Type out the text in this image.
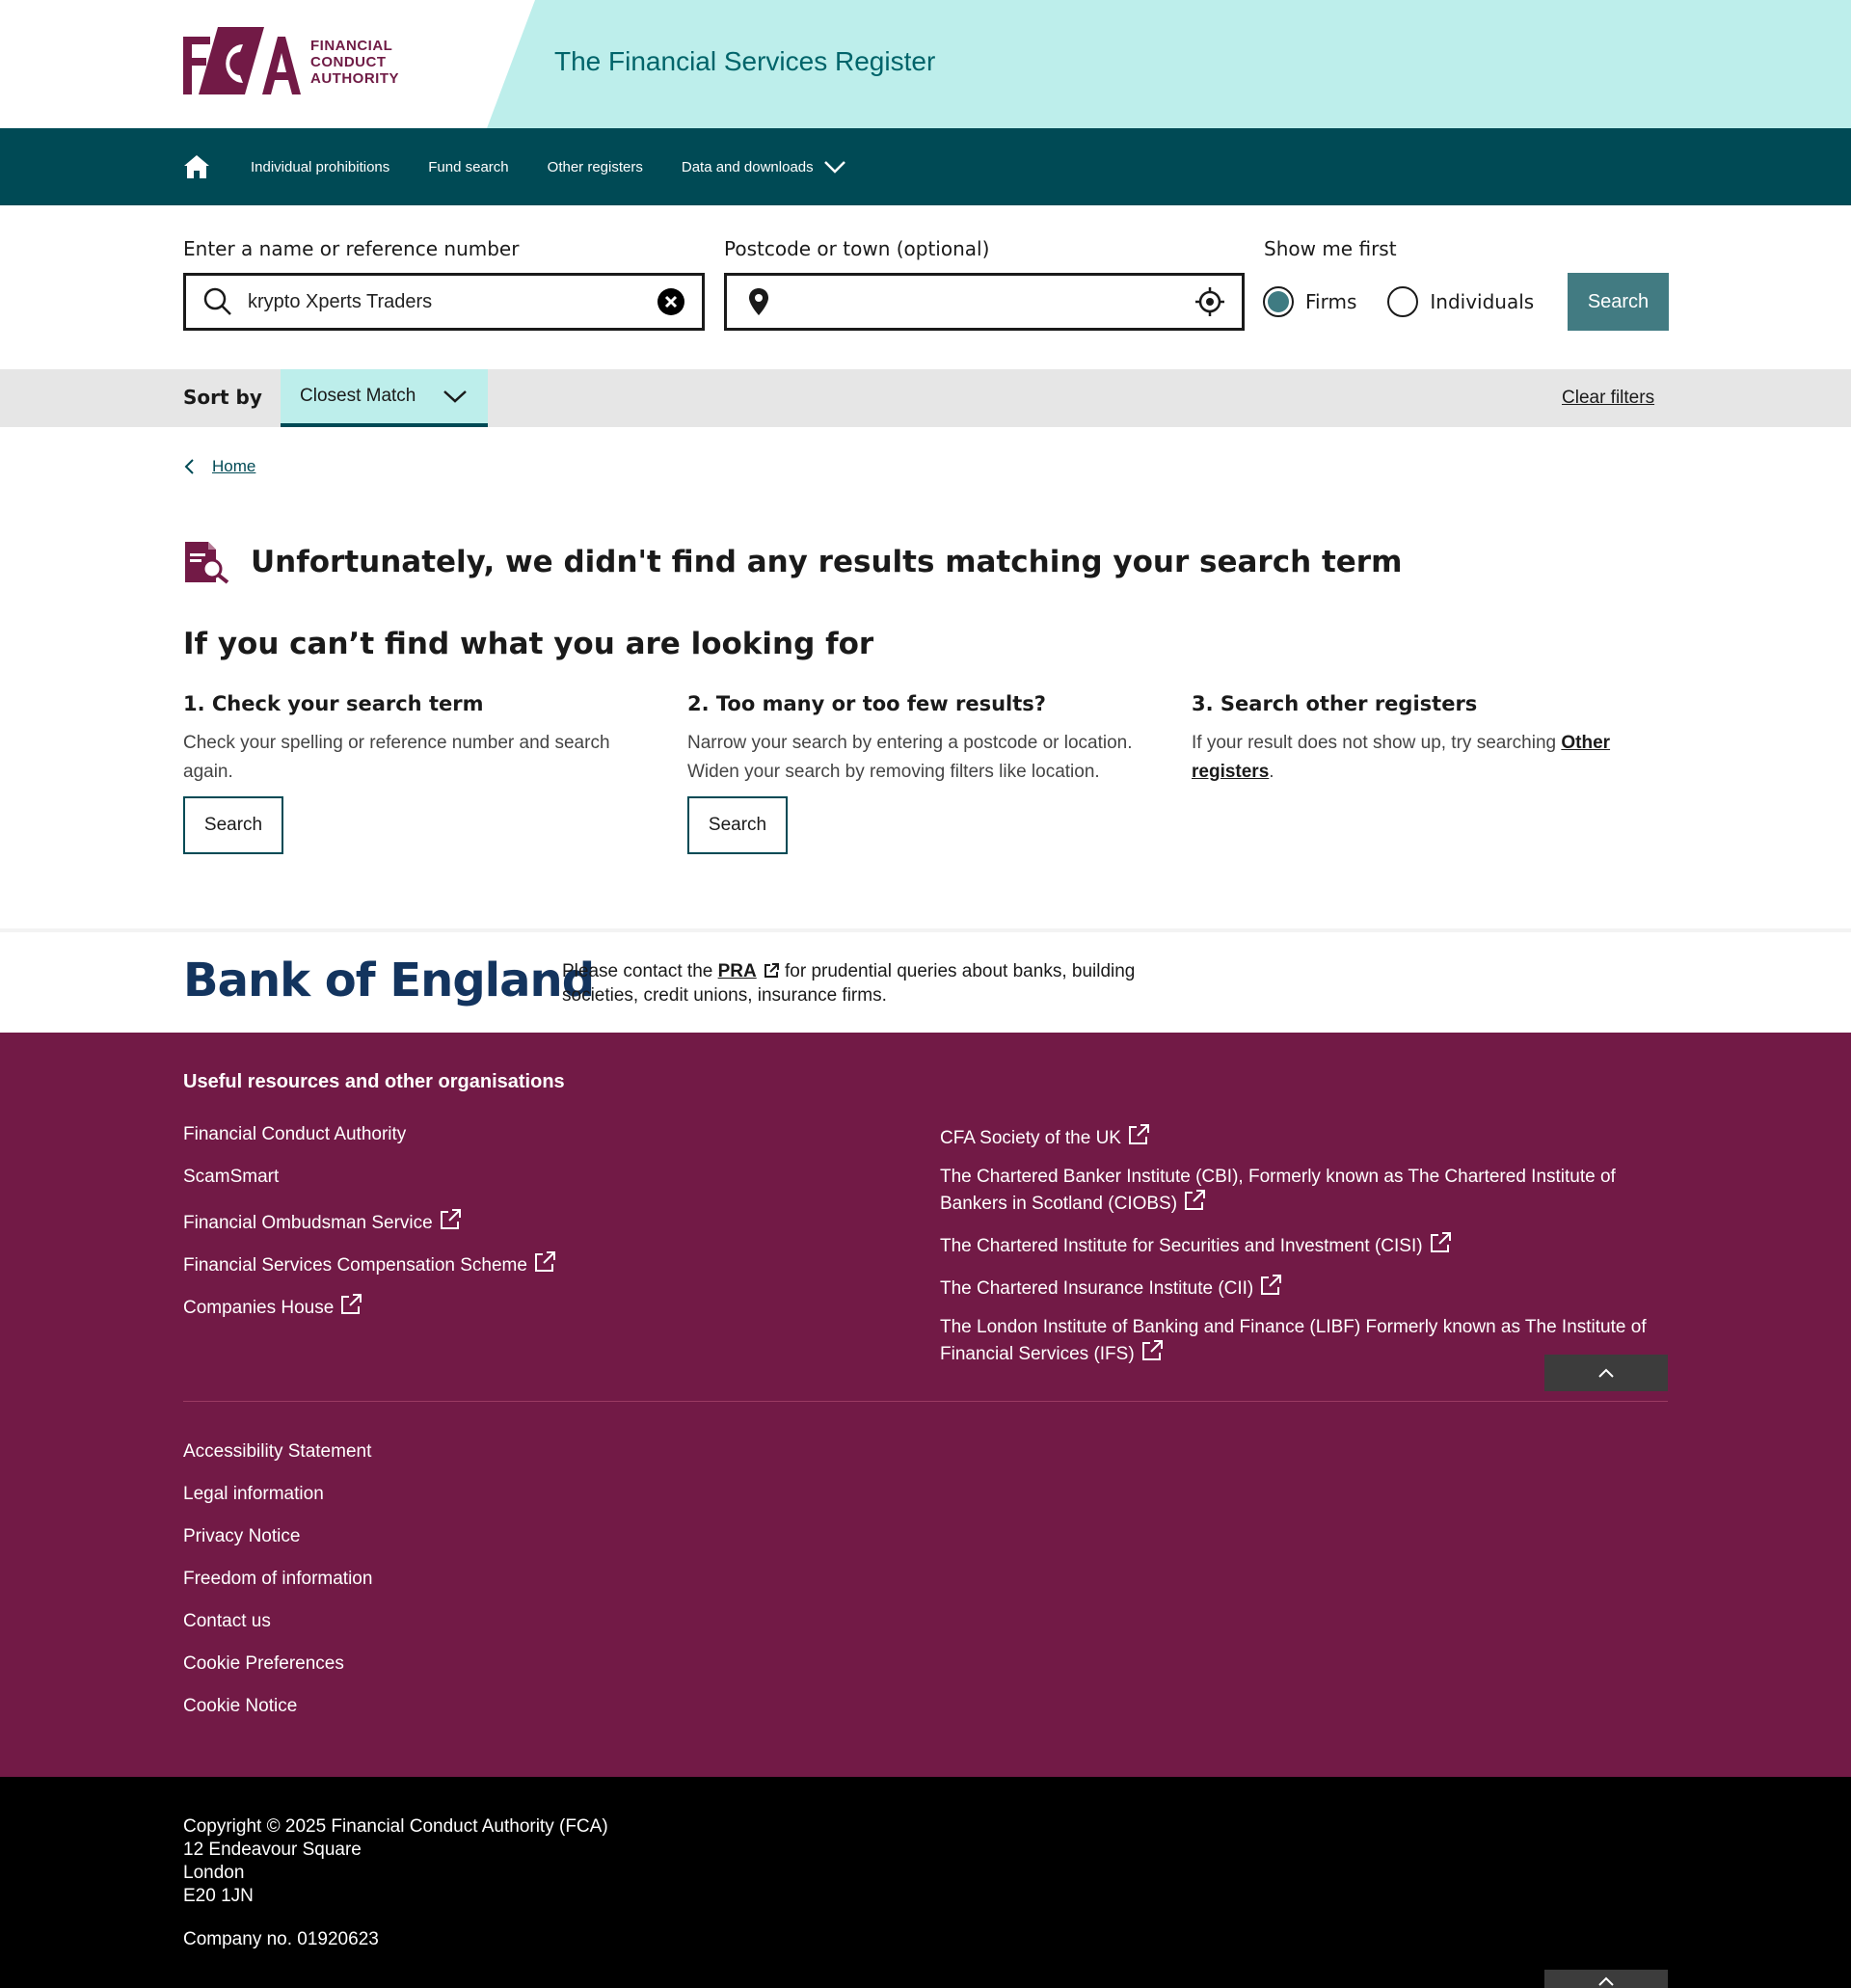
FINANCIAL
CONDUCT
AUTHORITY
The Financial Services Register
Individual prohibitions	Fund search	Other registers	Data and downloads
Enter a name or reference number
krypto Xperts Traders
Postcode or town (optional)	Show me first
Firms	Individuals	Search
Sort by Closest Match	Clear filters
Home
Unfortunately, we didn't find any results matching your search term
If you can’t find what you are looking for
1. Check your search term

Check your spelling or reference number and search again.

Search
2. Too many or too few results?

Narrow your search by entering a postcode or location. Widen your search by removing filters like location.

Search
3. Search other registers

If your result does not show up, try searching Other registers.

Bank of England
Please contact the PRA for prudential queries about banks, building societies, credit unions, insurance firms.
Useful resources and other organisations
Financial Conduct Authority
ScamSmart
Financial Ombudsman Service
Financial Services Compensation Scheme
Companies House
CFA Society of the UK
The Chartered Banker Institute (CBI), Formerly known as The Chartered Institute of Bankers in Scotland (CIOBS)
The Chartered Institute for Securities and Investment (CISI)
The Chartered Insurance Institute (CII)
The London Institute of Banking and Finance (LIBF) Formerly known as The Institute of Financial Services (IFS)
Accessibility Statement
Legal information
Privacy Notice
Freedom of information
Contact us
Cookie Preferences
Cookie Notice
Copyright © 2025 Financial Conduct Authority (FCA)
12 Endeavour Square
London
E20 1JN
Company no. 01920623
